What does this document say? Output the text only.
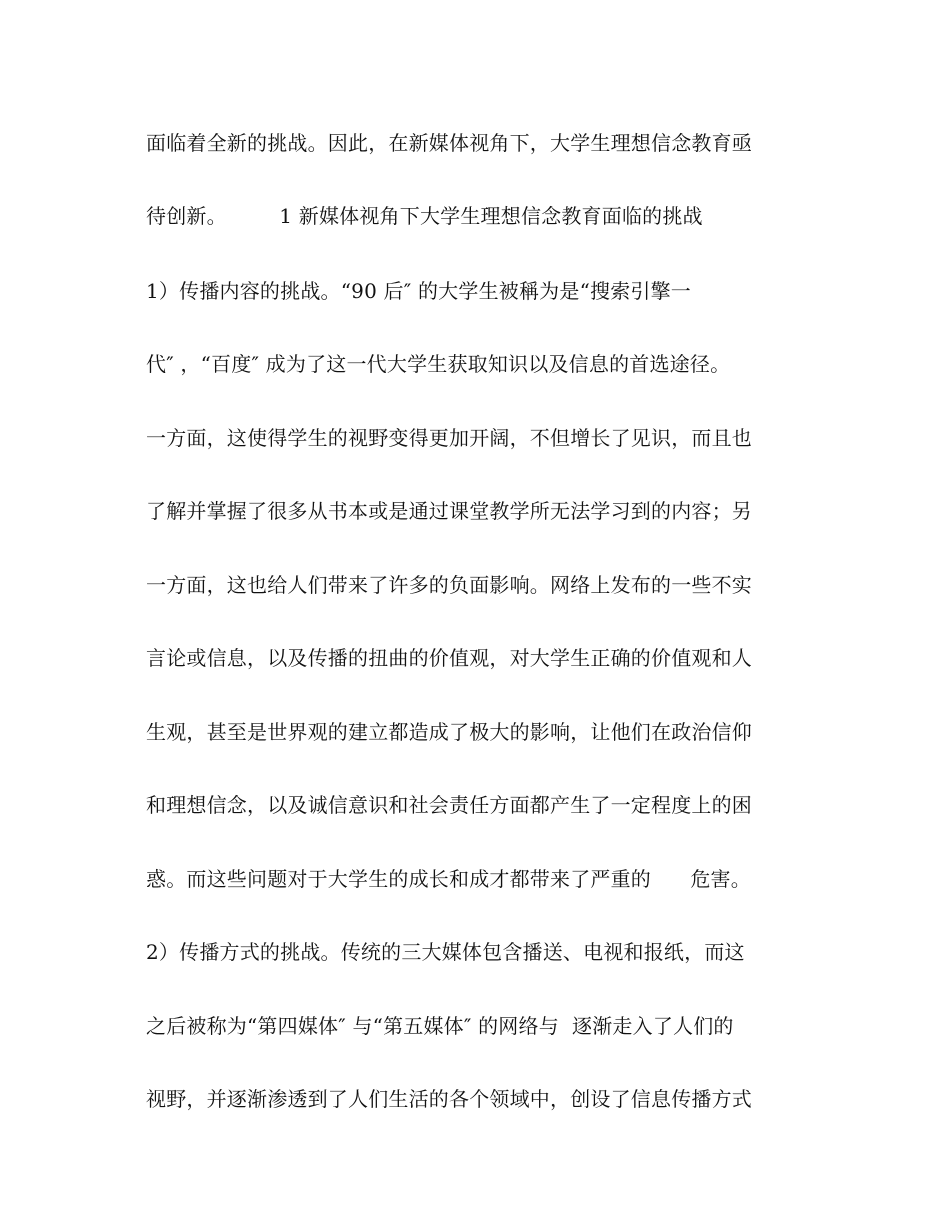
面临着全新的挑战。因此，在新媒体视角下，大学生理想信念教育亟
待创新。        1 新媒体视角下大学生理想信念教育面临的挑战
1）传播内容的挑战。“90 后″ 的大学生被稱为是“搜索引擎一
代″ ，“百度″ 成为了这一代大学生获取知识以及信息的首选途径。
一方面，这使得学生的视野变得更加开阔，不但增长了见识，而且也
了解并掌握了很多从书本或是通过课堂教学所无法学习到的内容；另
一方面，这也给人们带来了许多的负面影响。网络上发布的一些不实
言论或信息，以及传播的扭曲的价值观，对大学生正确的价值观和人
生观，甚至是世界观的建立都造成了极大的影响，让他们在政治信仰
和理想信念，以及诚信意识和社会责任方面都产生了一定程度上的困
惑。而这些问题对于大学生的成长和成才都带来了严重的      危害。
2）传播方式的挑战。传统的三大媒体包含播送、电视和报纸，而这
之后被称为“第四媒体″ 与“第五媒体″ 的网络与  逐渐走入了人们的
视野，并逐渐渗透到了人们生活的各个领域中，创设了信息传播方式
